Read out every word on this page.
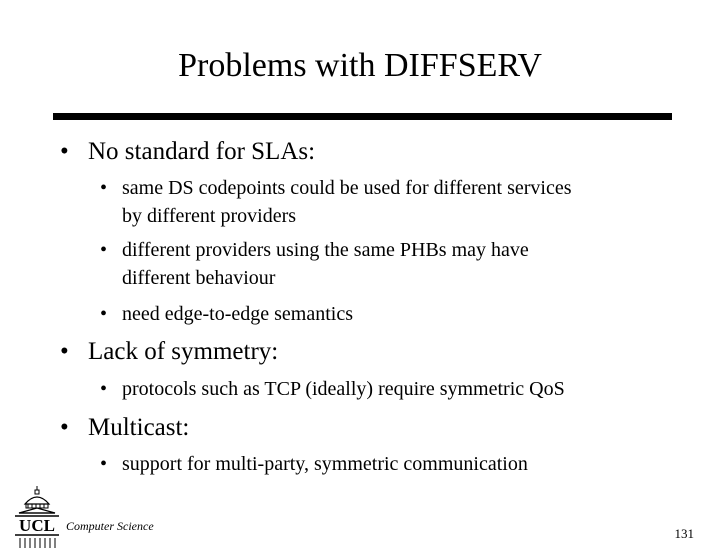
Problems with DIFFSERV
• No standard for SLAs:
• same DS codepoints could be used for different services
by different providers
• different providers using the same PHBs may have
different behaviour
• need edge-to-edge semantics
• Lack of symmetry:
• protocols such as TCP (ideally) require symmetric QoS
• Multicast:
• support for multi-party, symmetric communication
UCL Computer Science	131
